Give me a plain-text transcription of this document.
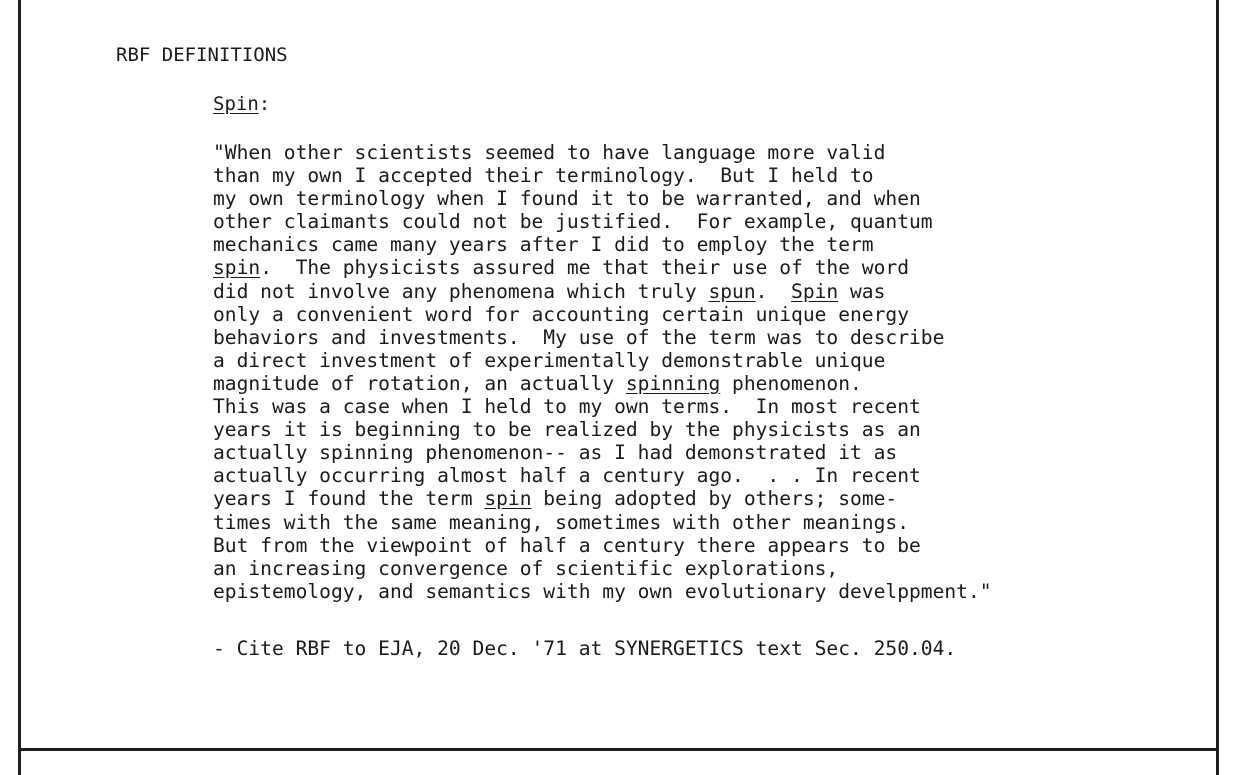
RBF DEFINITIONS
Spin:
"When other scientists seemed to have language more valid
than my own I accepted their terminology.  But I held to
my own terminology when I found it to be warranted, and when
other claimants could not be justified.  For example, quantum
mechanics came many years after I did to employ the term
spin.  The physicists assured me that their use of the word
did not involve any phenomena which truly spun.  Spin was
only a convenient word for accounting certain unique energy
behaviors and investments.  My use of the term was to describe
a direct investment of experimentally demonstrable unique
magnitude of rotation, an actually spinning phenomenon.
This was a case when I held to my own terms.  In most recent
years it is beginning to be realized by the physicists as an
actually spinning phenomenon-- as I had demonstrated it as
actually occurring almost half a century ago.  . . In recent
years I found the term spin being adopted by others; some-
times with the same meaning, sometimes with other meanings.
But from the viewpoint of half a century there appears to be
an increasing convergence of scientific explorations,
epistemology, and semantics with my own evolutionary develppment."
- Cite RBF to EJA, 20 Dec. '71 at SYNERGETICS text Sec. 250.04.
